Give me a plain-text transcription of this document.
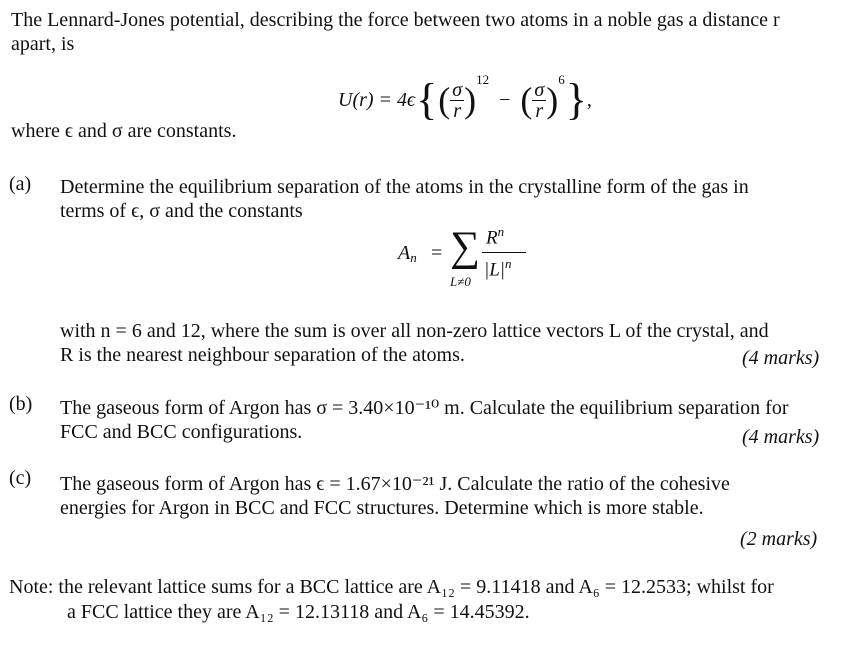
The Lennard-Jones potential, describing the force between two atoms in a noble gas a distance r
apart, is
U(r) = 4ϵ { ( $\frac{\sigma}{r}$ )
12
− ( $\frac{\sigma}{r}$ )
6 } ,
where ϵ and σ are constants.
(a) Determine the equilibrium separation of the atoms in the crystalline form of the gas in
terms of ϵ, σ and the constants
An = ∑
L≠0
$R^n$
$|L|^n$
with n = 6 and 12, where the sum is over all non-zero lattice vectors L of the crystal, and
R is the nearest neighbour separation of the atoms.	(4 marks)
(b) The gaseous form of Argon has σ = 3.40×10⁻¹⁰ m. Calculate the equilibrium separation for
FCC and BCC configurations.	(4 marks)
(c) The gaseous form of Argon has ϵ = 1.67×10⁻²¹ J. Calculate the ratio of the cohesive
energies for Argon in BCC and FCC structures. Determine which is more stable.
(2 marks)
Note: the relevant lattice sums for a BCC lattice are A₁₂ = 9.11418 and A₆ = 12.2533; whilst for
a FCC lattice they are A₁₂ = 12.13118 and A₆ = 14.45392.
